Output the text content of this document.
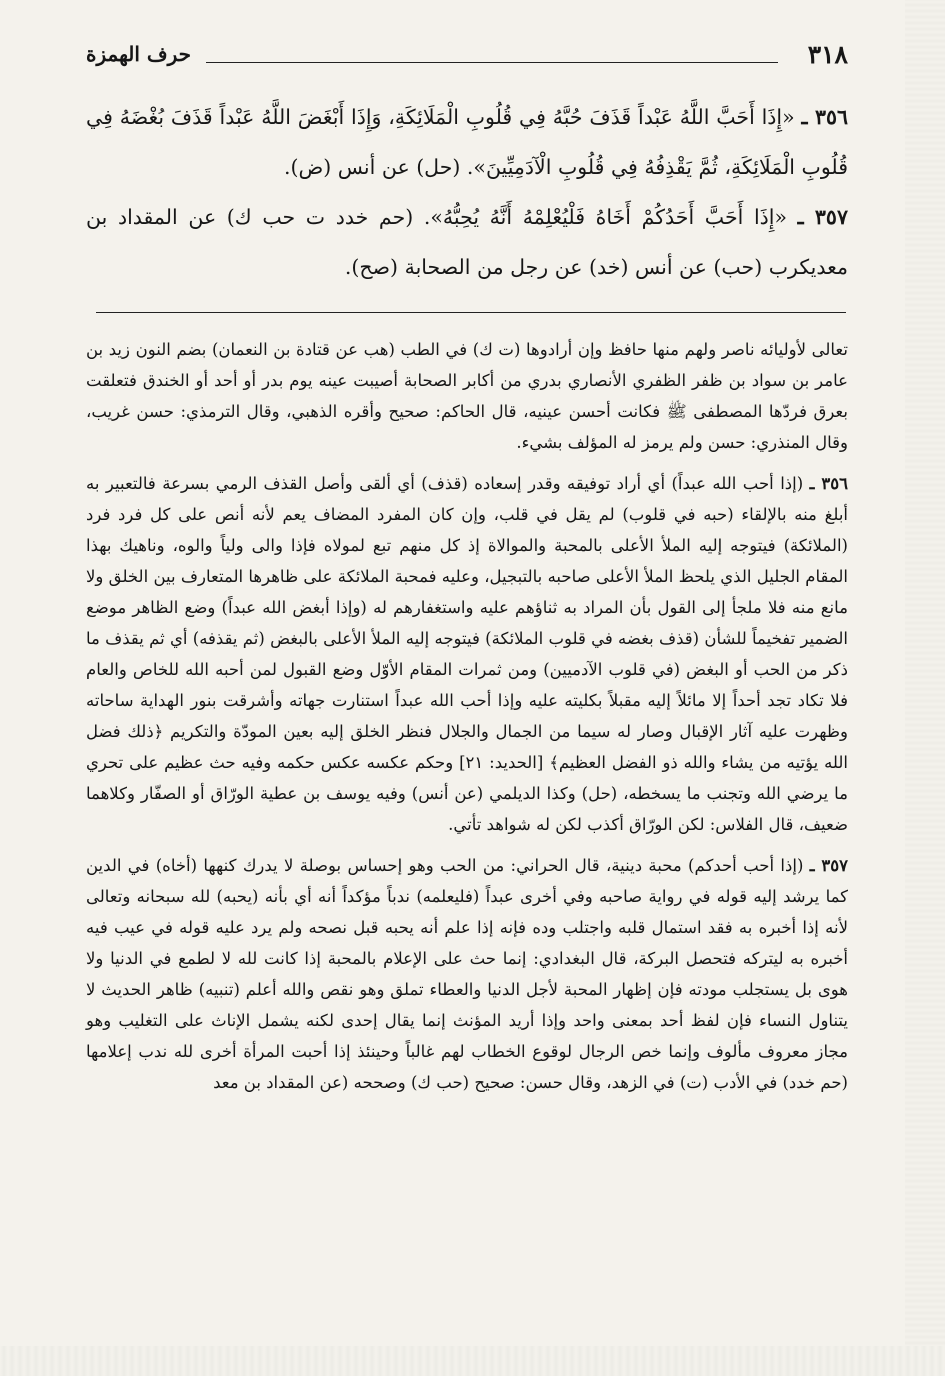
٣١٨
حرف الهمزة

٣٥٦ ـ «إِذَا أَحَبَّ اللَّهُ عَبْداً قَذَفَ حُبَّهُ فِي قُلُوبِ الْمَلَائِكَةِ، وَإِذَا أَبْغَضَ اللَّهُ عَبْداً قَذَفَ بُغْضَهُ فِي قُلُوبِ الْمَلَائِكَةِ، ثُمَّ يَقْذِفُهُ فِي قُلُوبِ الْآدَمِيِّينَ». (حل) عن أنس (ض).

٣٥٧ ـ «إِذَا أَحَبَّ أَحَدُكُمْ أَخَاهُ فَلْيُعْلِمْهُ أَنَّهُ يُحِبُّهُ». (حم خدد ت حب ك) عن المقداد بن معديكرب (حب) عن أنس (خد) عن رجل من الصحابة (صح).

تعالى لأوليائه ناصر ولهم منها حافظ وإن أرادوها (ت ك) في الطب (هب عن قتادة بن النعمان) بضم النون زيد بن عامر بن سواد بن ظفر الظفري الأنصاري بدري من أكابر الصحابة أصيبت عينه يوم بدر أو أحد أو الخندق فتعلقت بعرق فردّها المصطفى ﷺ فكانت أحسن عينيه، قال الحاكم: صحيح وأقره الذهبي، وقال الترمذي: حسن غريب، وقال المنذري: حسن ولم يرمز له المؤلف بشيء.

٣٥٦ ـ (إذا أحب الله عبداً) أي أراد توفيقه وقدر إسعاده (قذف) أي ألقى وأصل القذف الرمي بسرعة فالتعبير به أبلغ منه بالإلقاء (حبه في قلوب) لم يقل في قلب، وإن كان المفرد المضاف يعم لأنه أنص على كل فرد فرد (الملائكة) فيتوجه إليه الملأ الأعلى بالمحبة والموالاة إذ كل منهم تبع لمولاه فإذا والى ولياً والوه، وناهيك بهذا المقام الجليل الذي يلحظ الملأ الأعلى صاحبه بالتبجيل، وعليه فمحبة الملائكة على ظاهرها المتعارف بين الخلق ولا مانع منه فلا ملجأ إلى القول بأن المراد به ثناؤهم عليه واستغفارهم له (وإذا أبغض الله عبداً) وضع الظاهر موضع الضمير تفخيماً للشأن (قذف بغضه في قلوب الملائكة) فيتوجه إليه الملأ الأعلى بالبغض (ثم يقذفه) أي ثم يقذف ما ذكر من الحب أو البغض (في قلوب الآدميين) ومن ثمرات المقام الأوّل وضع القبول لمن أحبه الله للخاص والعام فلا تكاد تجد أحداً إلا مائلاً إليه مقبلاً بكليته عليه وإذا أحب الله عبداً استنارت جهاته وأشرقت بنور الهداية ساحاته وظهرت عليه آثار الإقبال وصار له سيما من الجمال والجلال فنظر الخلق إليه بعين المودّة والتكريم ﴿ذلك فضل الله يؤتيه من يشاء والله ذو الفضل العظيم﴾ [الحديد: ٢١] وحكم عكسه عكس حكمه وفيه حث عظيم على تحري ما يرضي الله وتجنب ما يسخطه، (حل) وكذا الديلمي (عن أنس) وفيه يوسف بن عطية الورّاق أو الصفّار وكلاهما ضعيف، قال الفلاس: لكن الورّاق أكذب لكن له شواهد تأتي.

٣٥٧ ـ (إذا أحب أحدكم) محبة دينية، قال الحراني: من الحب وهو إحساس بوصلة لا يدرك كنهها (أخاه) في الدين كما يرشد إليه قوله في رواية صاحبه وفي أخرى عبداً (فليعلمه) ندباً مؤكداً أنه أي بأنه (يحبه) لله سبحانه وتعالى لأنه إذا أخبره به فقد استمال قلبه واجتلب وده فإنه إذا علم أنه يحبه قبل نصحه ولم يرد عليه قوله في عيب فيه أخبره به ليتركه فتحصل البركة، قال البغدادي: إنما حث على الإعلام بالمحبة إذا كانت لله لا لطمع في الدنيا ولا هوى بل يستجلب مودته فإن إظهار المحبة لأجل الدنيا والعطاء تملق وهو نقص والله أعلم (تنبيه) ظاهر الحديث لا يتناول النساء فإن لفظ أحد بمعنى واحد وإذا أريد المؤنث إنما يقال إحدى لكنه يشمل الإناث على التغليب وهو مجاز معروف مألوف وإنما خص الرجال لوقوع الخطاب لهم غالباً وحينئذ إذا أحبت المرأة أخرى لله ندب إعلامها (حم خدد) في الأدب (ت) في الزهد، وقال حسن: صحيح (حب ك) وصححه (عن المقداد بن معد
